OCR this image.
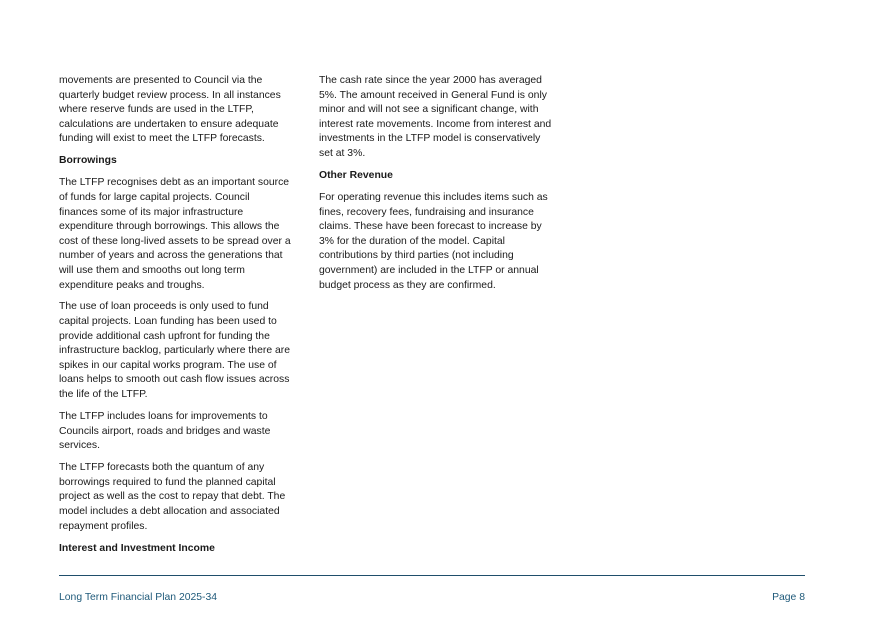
movements are presented to Council via the quarterly budget review process. In all instances where reserve funds are used in the LTFP, calculations are undertaken to ensure adequate funding will exist to meet the LTFP forecasts.

Borrowings

The LTFP recognises debt as an important source of funds for large capital projects. Council finances some of its major infrastructure expenditure through borrowings. This allows the cost of these long-lived assets to be spread over a number of years and across the generations that will use them and smooths out long term expenditure peaks and troughs.

The use of loan proceeds is only used to fund capital projects. Loan funding has been used to provide additional cash upfront for funding the infrastructure backlog, particularly where there are spikes in our capital works program. The use of loans helps to smooth out cash flow issues across the life of the LTFP.

The LTFP includes loans for improvements to Councils airport, roads and bridges and waste services.

The LTFP forecasts both the quantum of any borrowings required to fund the planned capital project as well as the cost to repay that debt. The model includes a debt allocation and associated repayment profiles.

Interest and Investment Income

The cash rate since the year 2000 has averaged 5%. The amount received in General Fund is only minor and will not see a significant change, with interest rate movements. Income from interest and investments in the LTFP model is conservatively set at 3%.

Other Revenue

For operating revenue this includes items such as fines, recovery fees, fundraising and insurance claims. These have been forecast to increase by 3% for the duration of the model. Capital contributions by third parties (not including government) are included in the LTFP or annual budget process as they are confirmed.

Long Term Financial Plan 2025-34	Page 8
